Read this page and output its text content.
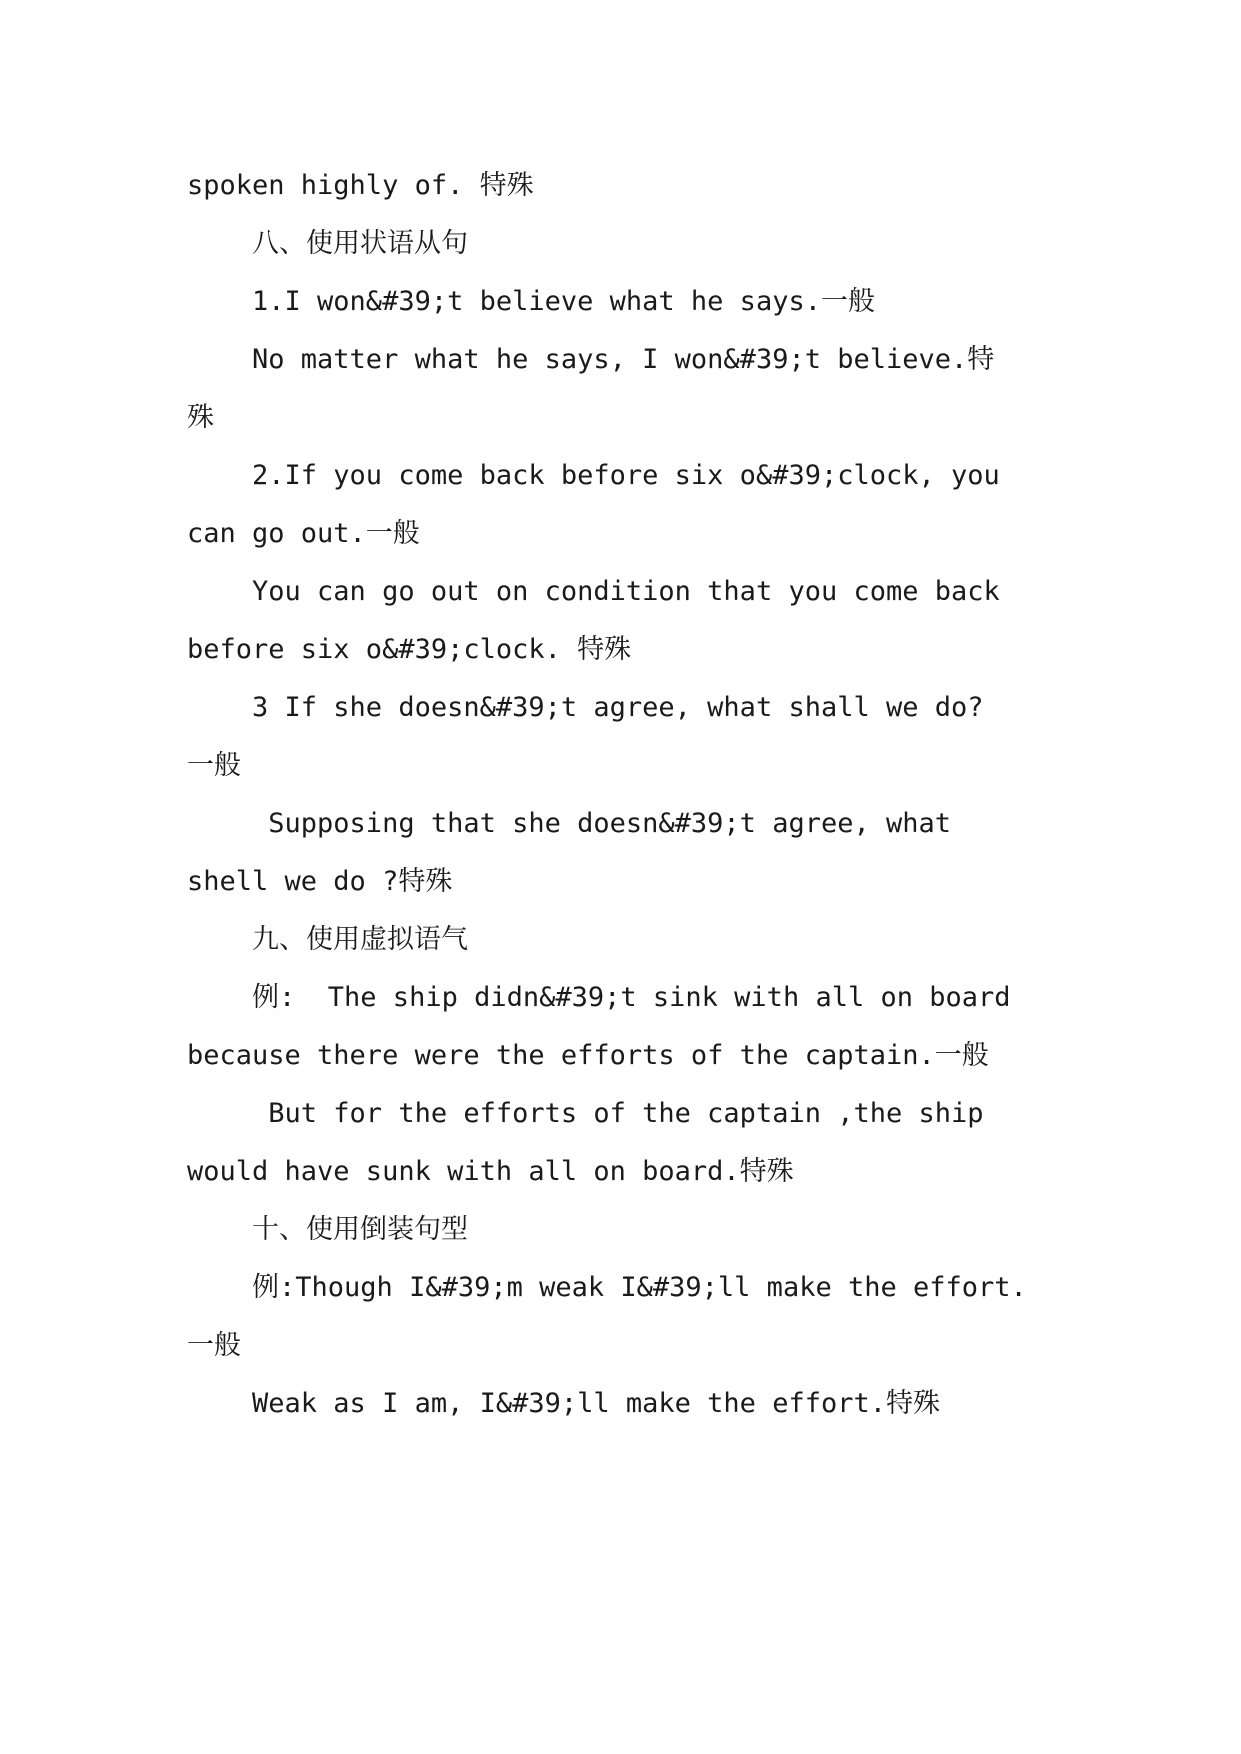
spoken highly of. 特殊
八、使用状语从句
1.I won&#39;t believe what he says.一般
No matter what he says, I won&#39;t believe.特
殊
2.If you come back before six o&#39;clock, you
can go out.一般
You can go out on condition that you come back
before six o&#39;clock. 特殊
3 If she doesn&#39;t agree, what shall we do?
一般
Supposing that she doesn&#39;t agree, what
shell we do ?特殊
九、使用虚拟语气
例:  The ship didn&#39;t sink with all on board
because there were the efforts of the captain.一般
But for the efforts of the captain ,the ship
would have sunk with all on board.特殊
十、使用倒装句型
例:Though I&#39;m weak I&#39;ll make the effort.
一般
Weak as I am, I&#39;ll make the effort.特殊
